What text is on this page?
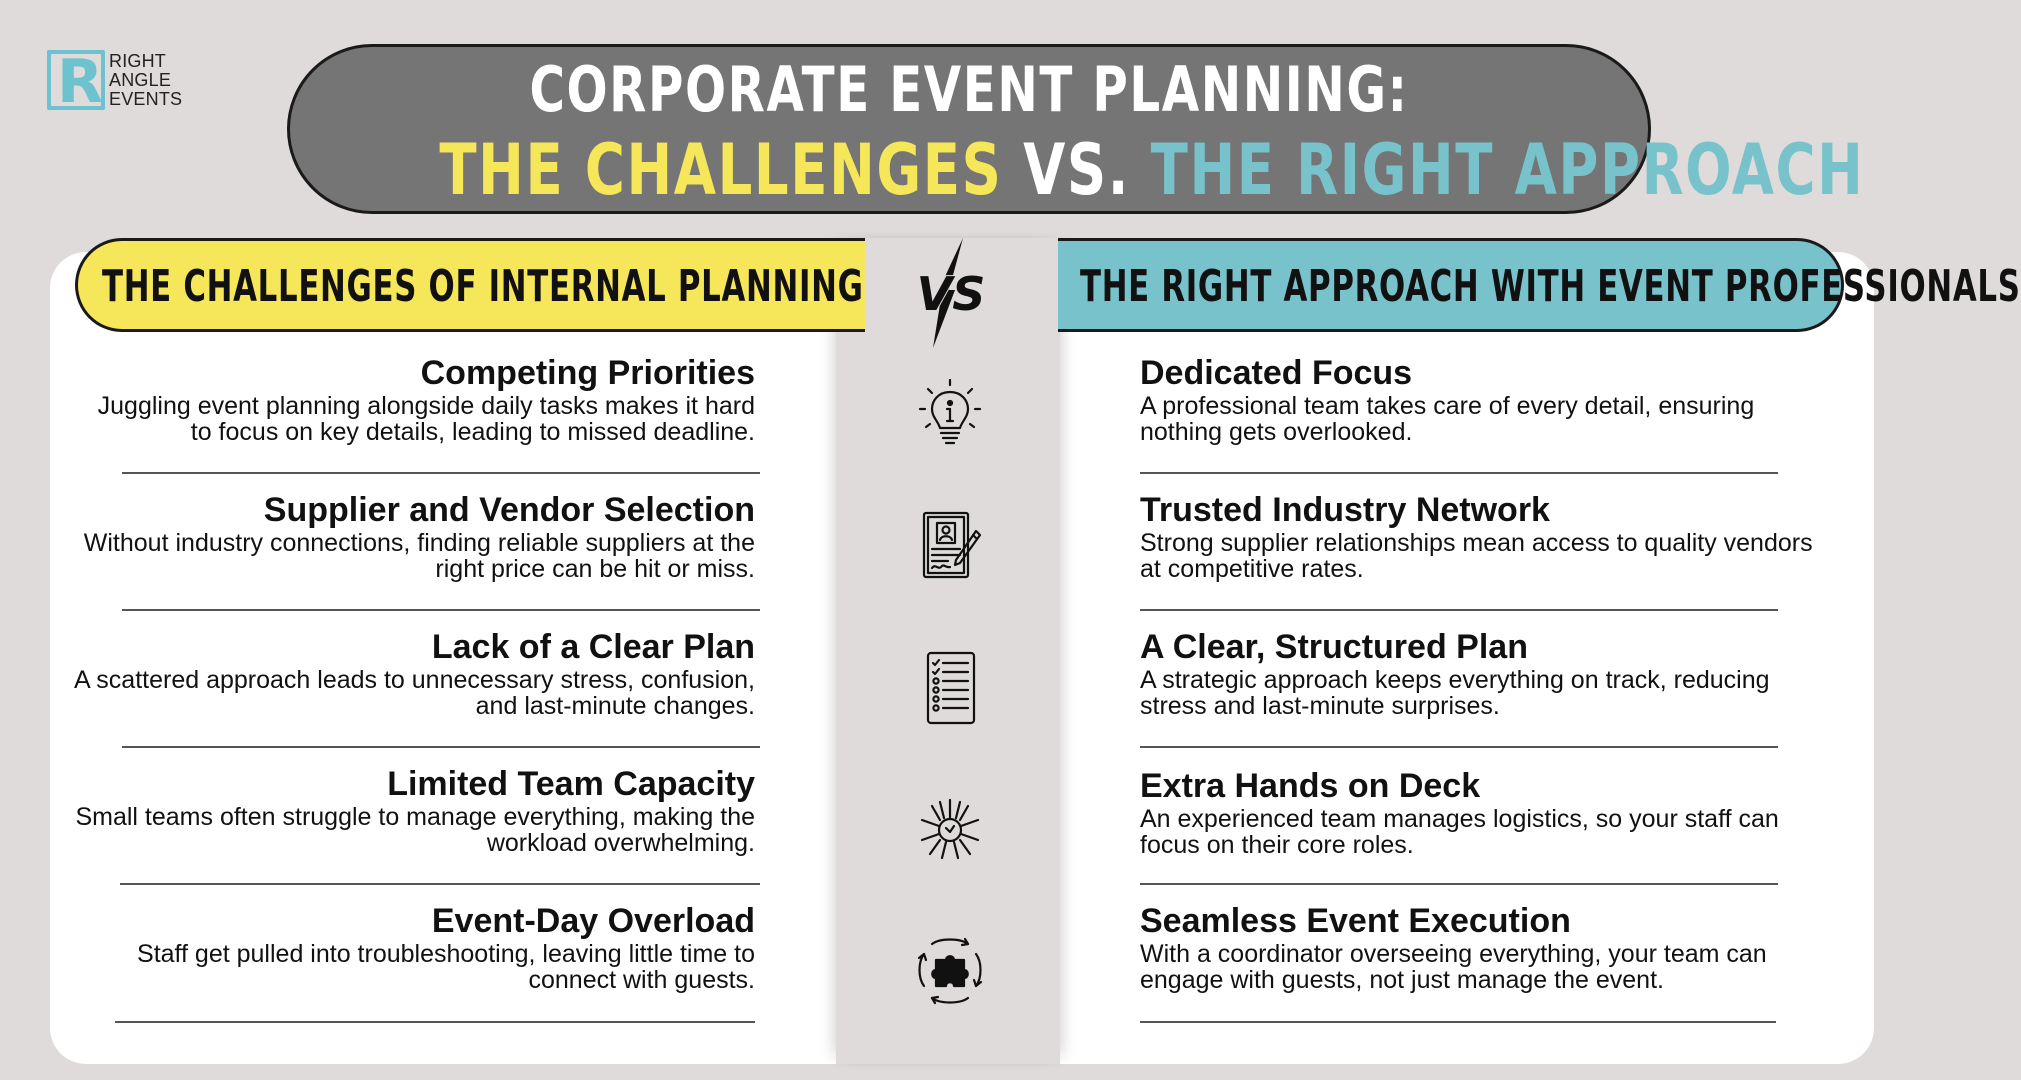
R RIGHT
ANGLE
EVENTS	CORPORATE EVENT PLANNING:
THE CHALLENGES VS. THE RIGHT APPROACH
THE CHALLENGES OF INTERNAL PLANNING	THE RIGHT APPROACH WITH EVENT PROFESSIONALS
VS
Competing Priorities
Juggling event planning alongside daily tasks makes it hard to focus on key details, leading to missed deadline.
Supplier and Vendor Selection
Without industry connections, finding reliable suppliers at the right price can be hit or miss.
Lack of a Clear Plan
A scattered approach leads to unnecessary stress, confusion, and last-minute changes.
Limited Team Capacity
Small teams often struggle to manage everything, making the workload overwhelming.
Event-Day Overload
Staff get pulled into troubleshooting, leaving little time to connect with guests.
Dedicated Focus
A professional team takes care of every detail, ensuring nothing gets overlooked.
Trusted Industry Network
Strong supplier relationships mean access to quality vendors at competitive rates.
A Clear, Structured Plan
A strategic approach keeps everything on track, reducing stress and last-minute surprises.
Extra Hands on Deck
An experienced team manages logistics, so your staff can focus on their core roles.
Seamless Event Execution
With a coordinator overseeing everything, your team can engage with guests, not just manage the event.
